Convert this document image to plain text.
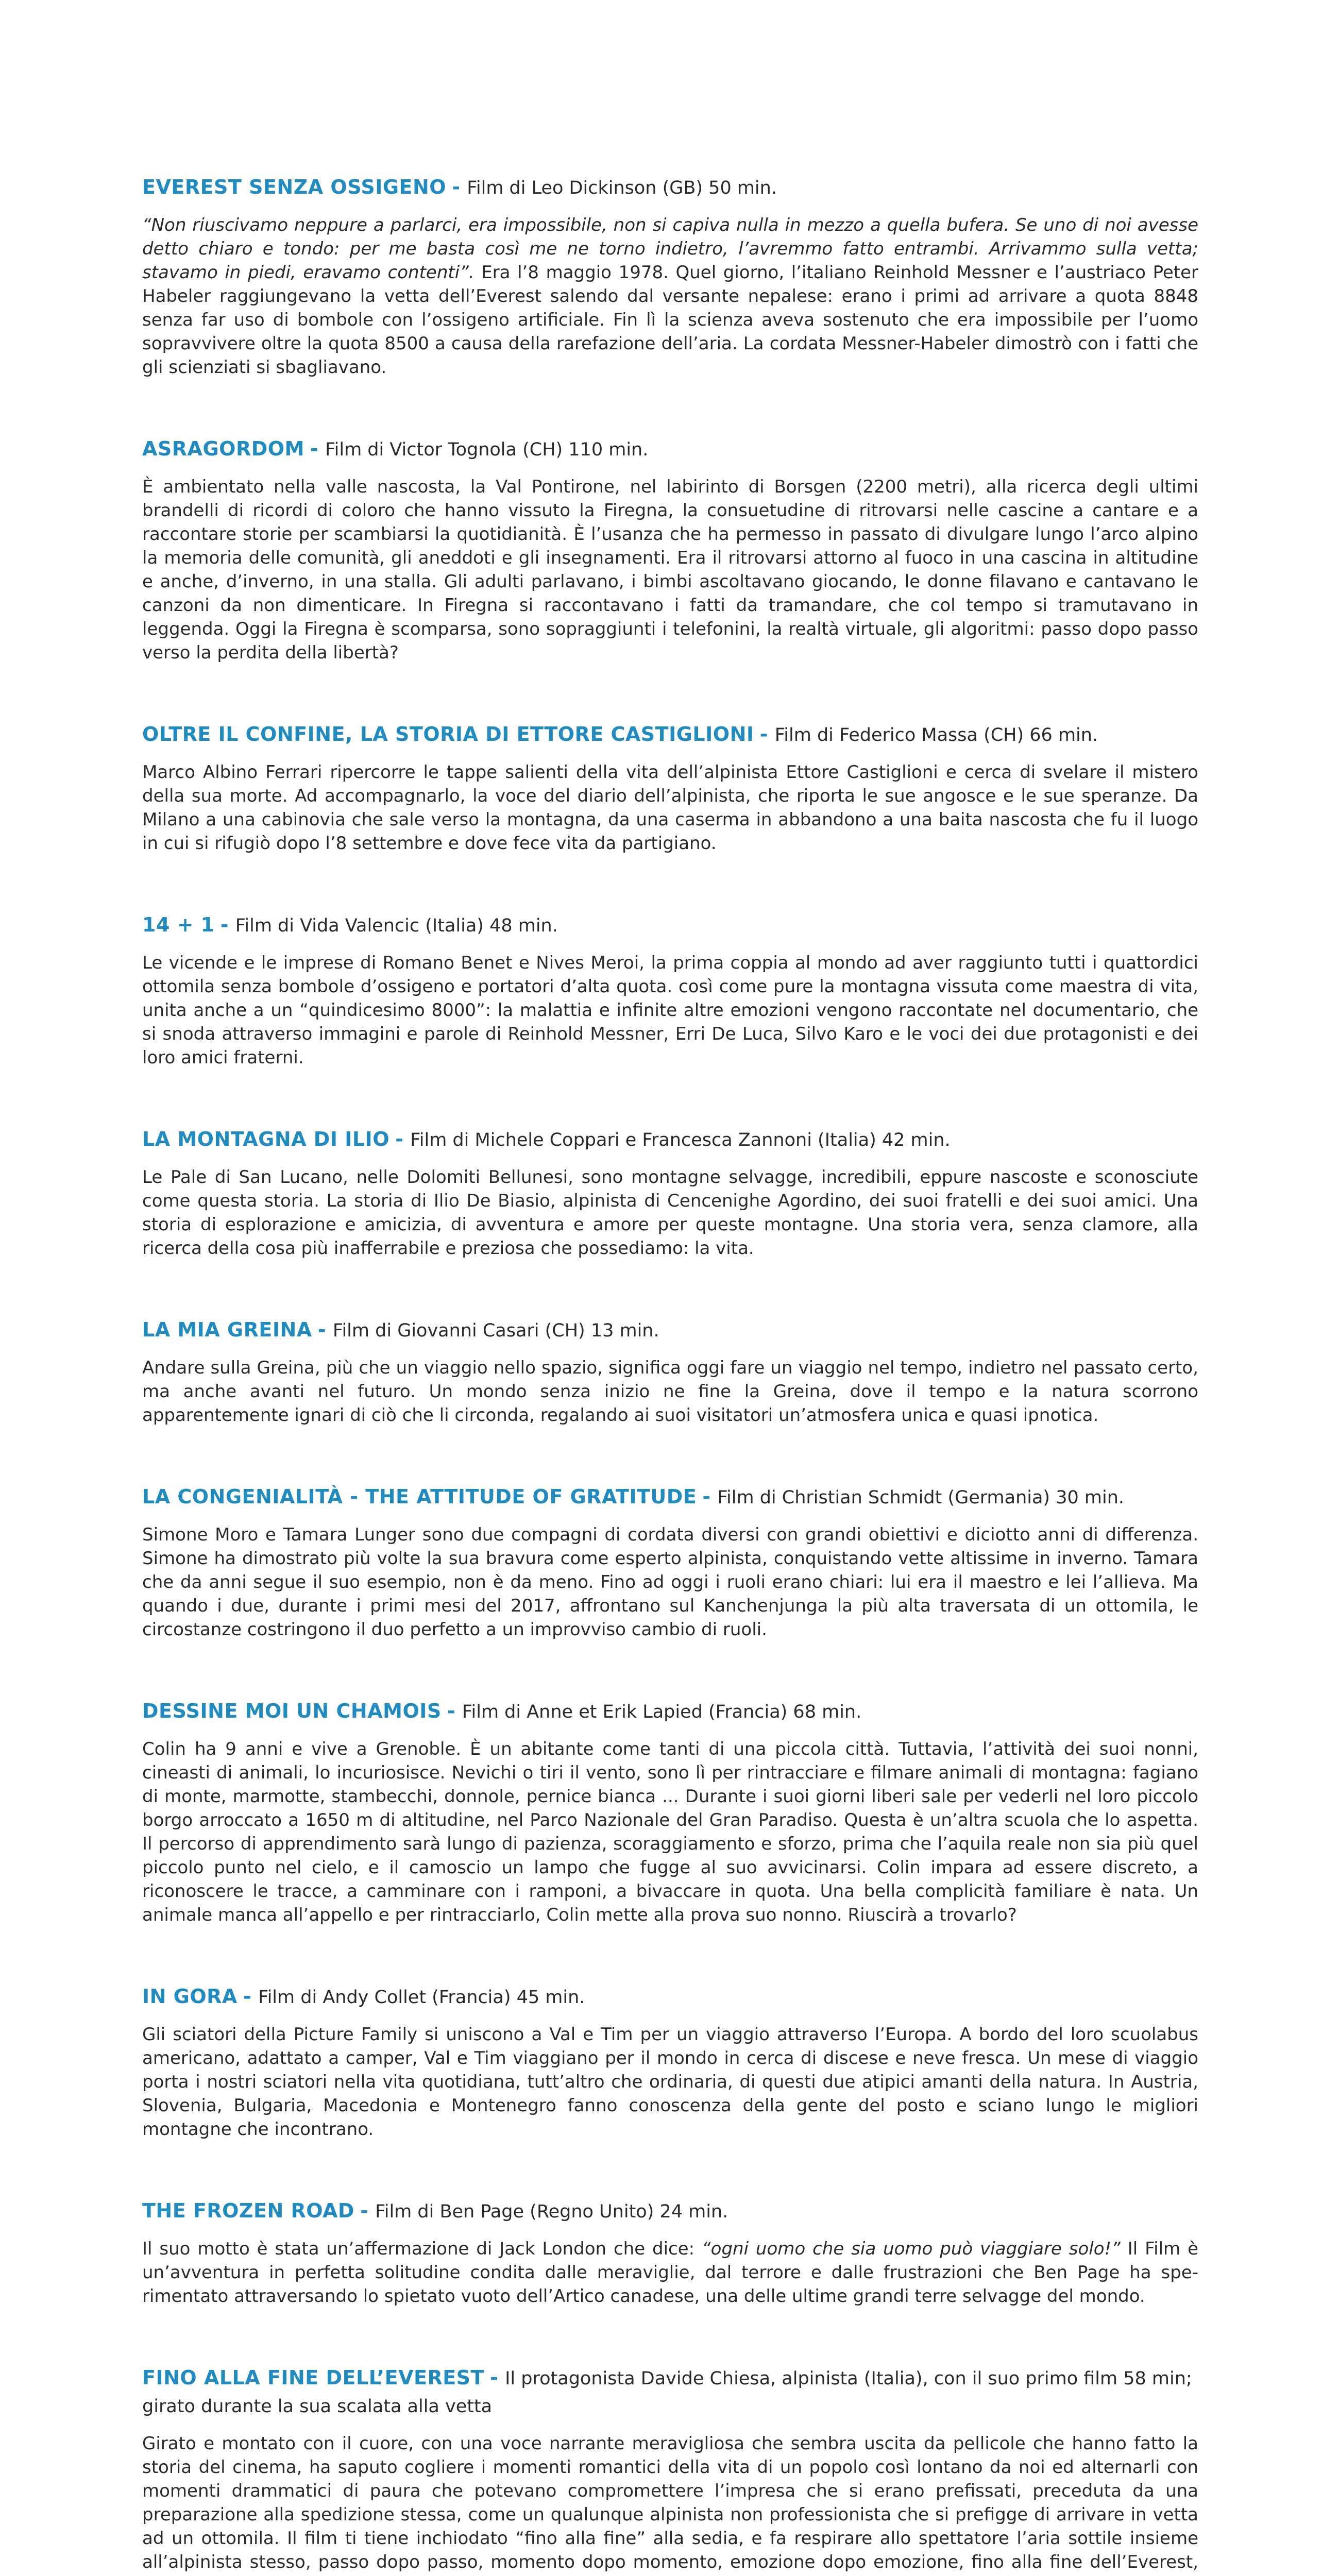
EVEREST SENZA OSSIGENO - Film di Leo Dickinson (GB) 50 min.

“Non riuscivamo neppure a parlarci, era impossibile, non si capiva nulla in mezzo a quella bufera. Se uno di noi avesse detto chiaro e tondo: per me basta così me ne torno indietro, l’avremmo fatto entrambi. Arrivammo sulla vetta; stavamo in piedi, eravamo contenti”. Era l’8 maggio 1978. Quel giorno, l’italiano Reinhold Messner e l’austriaco Peter Habeler raggiungevano la vetta dell’Everest salendo dal versante nepalese: erano i primi ad arrivare a quota 8848 senza far uso di bombole con l’ossigeno artificiale. Fin lì la scienza aveva sostenuto che era impossibile per l’uomo sopravvivere oltre la quota 8500 a causa della rarefazione dell’aria. La cordata Messner-Habeler dimostrò con i fatti che gli scienziati si sbagliavano.

ASRAGORDOM - Film di Victor Tognola (CH) 110 min.

È ambientato nella valle nascosta, la Val Pontirone, nel labirinto di Borsgen (2200 metri), alla ricerca degli ultimi brandelli di ricordi di coloro che hanno vissuto la Firegna, la consuetudine di ritrovarsi nelle cascine a cantare e a raccontare storie per scambiarsi la quotidianità. È l’usanza che ha permesso in passato di divulgare lungo l’arco alpino la memoria delle comunità, gli aneddoti e gli insegnamenti. Era il ritrovarsi attorno al fuoco in una cascina in altitudine e anche, d’inverno, in una stalla. Gli adulti parlavano, i bimbi ascoltavano giocando, le donne filavano e cantavano le canzoni da non dimenticare. In Firegna si raccontavano i fatti da tramandare, che col tempo si tramutavano in leggenda. Oggi la Firegna è scomparsa, sono sopraggiunti i telefonini, la realtà virtuale, gli algoritmi: passo dopo passo verso la perdita della libertà?

OLTRE IL CONFINE, LA STORIA DI ETTORE CASTIGLIONI - Film di Federico Massa (CH) 66 min.

Marco Albino Ferrari ripercorre le tappe salienti della vita dell’alpinista Ettore Castiglioni e cerca di svelare il mistero della sua morte. Ad accompagnarlo, la voce del diario dell’alpinista, che riporta le sue angosce e le sue speranze. Da Milano a una cabinovia che sale verso la montagna, da una caserma in abbandono a una baita nascosta che fu il luogo in cui si rifugiò dopo l’8 settembre e dove fece vita da partigiano.

14 + 1 - Film di Vida Valencic (Italia) 48 min.

Le vicende e le imprese di Romano Benet e Nives Meroi, la prima coppia al mondo ad aver raggiunto tutti i quattordici ottomila senza bombole d’ossigeno e portatori d’alta quota. così come pure la montagna vissuta come maestra di vita, unita anche a un “quindicesimo 8000”: la malattia e infinite altre emozioni vengono raccontate nel documentario, che si snoda attraverso immagini e parole di Reinhold Messner, Erri De Luca, Silvo Karo e le voci dei due protagonisti e dei loro amici fraterni.

LA MONTAGNA DI ILIO - Film di Michele Coppari e Francesca Zannoni (Italia) 42 min.

Le Pale di San Lucano, nelle Dolomiti Bellunesi, sono montagne selvagge, incredibili, eppure nascoste e sconosciute come questa storia. La storia di Ilio De Biasio, alpinista di Cencenighe Agordino, dei suoi fratelli e dei suoi amici. Una storia di esplorazione e amicizia, di avventura e amore per queste montagne. Una storia vera, senza clamore, alla ricerca della cosa più inafferrabile e preziosa che possediamo: la vita.

LA MIA GREINA - Film di Giovanni Casari (CH) 13 min.

Andare sulla Greina, più che un viaggio nello spazio, significa oggi fare un viaggio nel tempo, indietro nel passato certo, ma anche avanti nel futuro. Un mondo senza inizio ne fine la Greina, dove il tempo e la natura scorrono apparentemente ignari di ciò che li circonda, regalando ai suoi visitatori un’atmosfera unica e quasi ipnotica.

LA CONGENIALITÀ - THE ATTITUDE OF GRATITUDE - Film di Christian Schmidt (Germania) 30 min.

Simone Moro e Tamara Lunger sono due compagni di cordata diversi con grandi obiettivi e diciotto anni di differenza. Simone ha dimostrato più volte la sua bravura come esperto alpinista, conquistando vette altissime in inverno. Tamara che da anni segue il suo esempio, non è da meno. Fino ad oggi i ruoli erano chiari: lui era il maestro e lei l’allieva. Ma quando i due, durante i primi mesi del 2017, affrontano sul Kanchenjunga la più alta traversata di un ottomila, le circostanze costringono il duo perfetto a un improvviso cambio di ruoli.

DESSINE MOI UN CHAMOIS - Film di Anne et Erik Lapied (Francia) 68 min.

Colin ha 9 anni e vive a Grenoble. È un abitante come tanti di una piccola città. Tuttavia, l’attività dei suoi nonni, cineasti di animali, lo incuriosisce. Nevichi o tiri il vento, sono lì per rintracciare e filmare animali di montagna: fagiano di monte, marmotte, stambecchi, donnole, pernice bianca ... Durante i suoi giorni liberi sale per vederli nel loro piccolo borgo arroccato a 1650 m di altitudine, nel Parco Nazionale del Gran Paradiso. Questa è un’altra scuola che lo aspetta. Il percorso di apprendimento sarà lungo di pazienza, scoraggiamento e sforzo, prima che l’aquila reale non sia più quel piccolo punto nel cielo, e il camoscio un lampo che fugge al suo avvicinarsi. Colin impara ad essere discreto, a riconoscere le tracce, a camminare con i ramponi, a bivaccare in quota. Una bella complicità familiare è nata. Un animale manca all’appello e per rintracciarlo, Colin mette alla prova suo nonno. Riuscirà a trovarlo?

IN GORA - Film di Andy Collet (Francia) 45 min.

Gli sciatori della Picture Family si uniscono a Val e Tim per un viaggio attraverso l’Europa. A bordo del loro scuolabus americano, adattato a camper, Val e Tim viaggiano per il mondo in cerca di discese e neve fresca. Un mese di viaggio porta i nostri sciatori nella vita quotidiana, tutt’altro che ordinaria, di questi due atipici amanti della natura. In Austria, Slovenia, Bulgaria, Macedonia e Montenegro fanno conoscenza della gente del posto e sciano lungo le migliori montagne che incontrano.

THE FROZEN ROAD - Film di Ben Page (Regno Unito) 24 min.

Il suo motto è stata un’affermazione di Jack London che dice: “ogni uomo che sia uomo può viaggiare solo!” Il Film è un’avventura in perfetta solitudine condita dalle meraviglie, dal terrore e dalle frustrazioni che Ben Page ha sperimentato attraversando lo spietato vuoto dell’Artico canadese, una delle ultime grandi terre selvagge del mondo.

FINO ALLA FINE DELL’EVEREST - Il protagonista Davide Chiesa, alpinista (Italia), con il suo primo film 58 min; girato durante la sua scalata alla vetta

Girato e montato con il cuore, con una voce narrante meravigliosa che sembra uscita da pellicole che hanno fatto la storia del cinema, ha saputo cogliere i momenti romantici della vita di un popolo così lontano da noi ed alternarli con momenti drammatici di paura che potevano compromettere l’impresa che si erano prefissati, preceduta da una preparazione alla spedizione stessa, come un qualunque alpinista non professionista che si prefigge di arrivare in vetta ad un ottomila. Il film ti tiene inchiodato “fino alla fine” alla sedia, e fa respirare allo spettatore l’aria sottile insieme all’alpinista stesso, passo dopo passo, momento dopo momento, emozione dopo emozione, fino alla fine dell’Everest,
